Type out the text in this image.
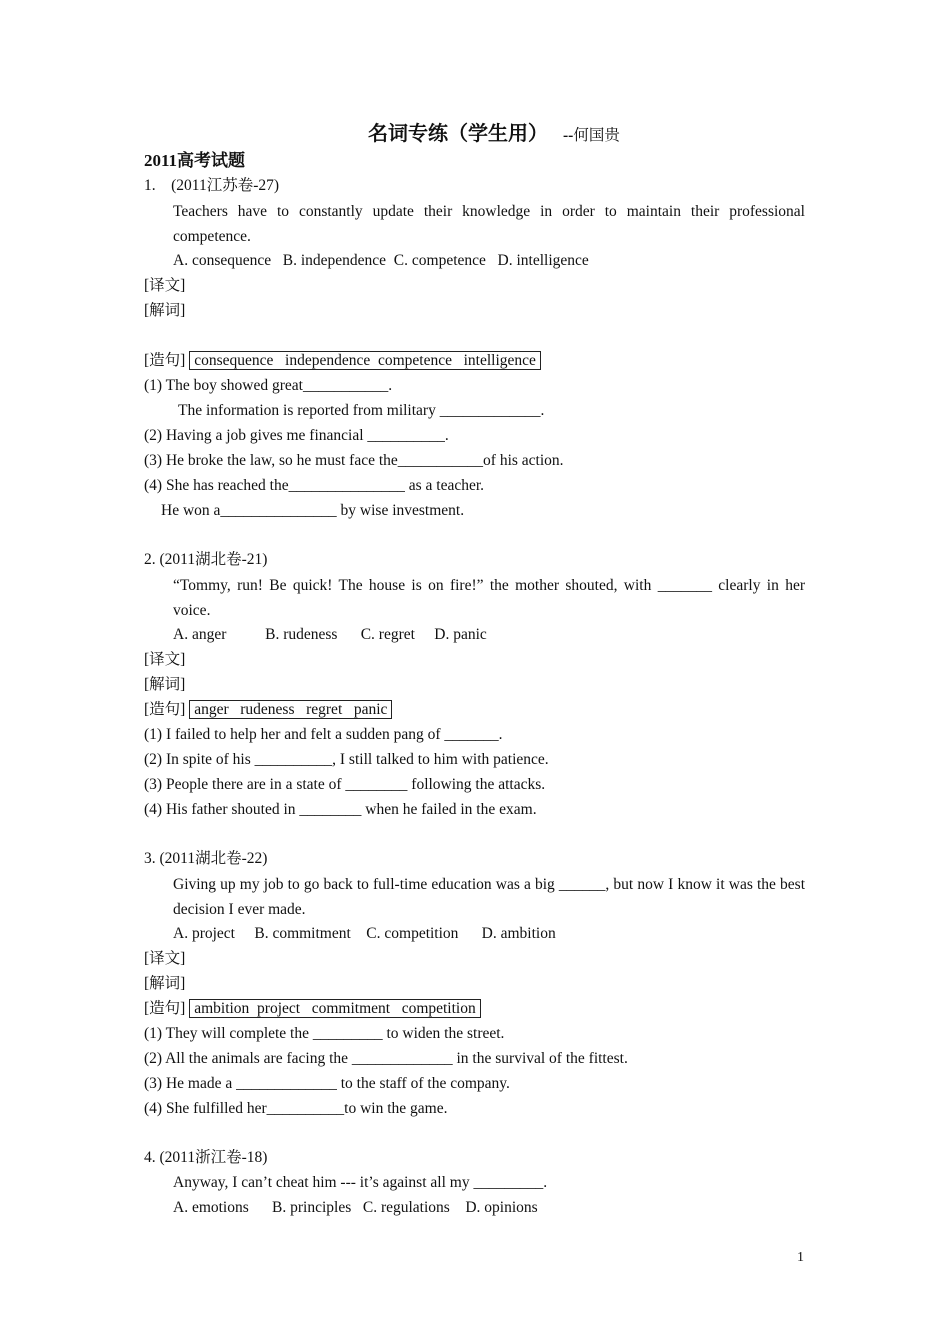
名词专练（学生用） --何国贵
2011高考试题
1. (2011江苏卷-27)
Teachers have to constantly update their knowledge in order to maintain their professional competence.
A. consequence   B. independence  C. competence   D. intelligence
[译文]
[解词]
[造句] consequence   independence  competence   intelligence
(1) The boy showed great___________.
The information is reported from military _____________.
(2) Having a job gives me financial __________.
(3) He broke the law, so he must face the___________of his action.
(4) She has reached the_______________ as a teacher.
He won a_______________ by wise investment.
2. (2011湖北卷-21)
“Tommy, run! Be quick! The house is on fire!” the mother shouted, with _______ clearly in her voice.
A. anger          B. rudeness      C. regret     D. panic
[译文]
[解词]
[造句] anger   rudeness   regret   panic
(1) I failed to help her and felt a sudden pang of _______.
(2) In spite of his __________, I still talked to him with patience.
(3) People there are in a state of ________ following the attacks.
(4) His father shouted in ________ when he failed in the exam.
3. (2011湖北卷-22)
Giving up my job to go back to full-time education was a big ______, but now I know it was the best decision I ever made.
A. project     B. commitment    C. competition      D. ambition
[译文]
[解词]
[造句] ambition  project   commitment   competition
(1) They will complete the _________ to widen the street.
(2) All the animals are facing the _____________ in the survival of the fittest.
(3) He made a _____________ to the staff of the company.
(4) She fulfilled her__________to win the game.
4. (2011浙江卷-18)
Anyway, I can’t cheat him --- it’s against all my _________.
A. emotions      B. principles   C. regulations    D. opinions
1
